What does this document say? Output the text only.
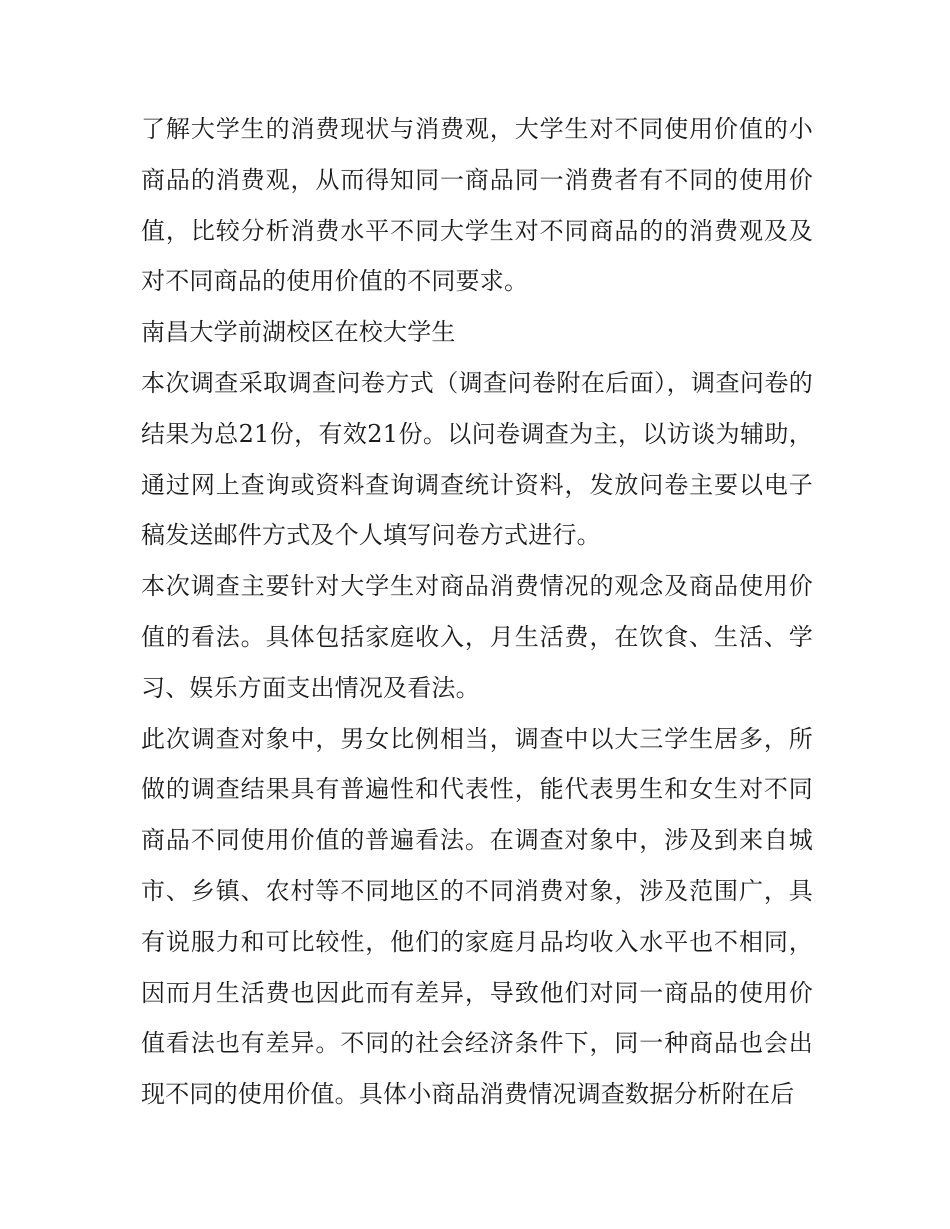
了解大学生的消费现状与消费观，大学生对不同使用价值的小商品的消费观，从而得知同一商品同一消费者有不同的使用价值，比较分析消费水平不同大学生对不同商品的的消费观及及对不同商品的使用价值的不同要求。

南昌大学前湖校区在校大学生

本次调查采取调查问卷方式（调查问卷附在后面），调查问卷的结果为总21份，有效21份。以问卷调查为主，以访谈为辅助，通过网上查询或资料查询调查统计资料，发放问卷主要以电子稿发送邮件方式及个人填写问卷方式进行。

本次调查主要针对大学生对商品消费情况的观念及商品使用价值的看法。具体包括家庭收入，月生活费，在饮食、生活、学习、娱乐方面支出情况及看法。

此次调查对象中，男女比例相当，调查中以大三学生居多，所做的调查结果具有普遍性和代表性，能代表男生和女生对不同商品不同使用价值的普遍看法。在调查对象中，涉及到来自城市、乡镇、农村等不同地区的不同消费对象，涉及范围广，具有说服力和可比较性，他们的家庭月品均收入水平也不相同，因而月生活费也因此而有差异，导致他们对同一商品的使用价值看法也有差异。不同的社会经济条件下，同一种商品也会出现不同的使用价值。具体小商品消费情况调查数据分析附在后
